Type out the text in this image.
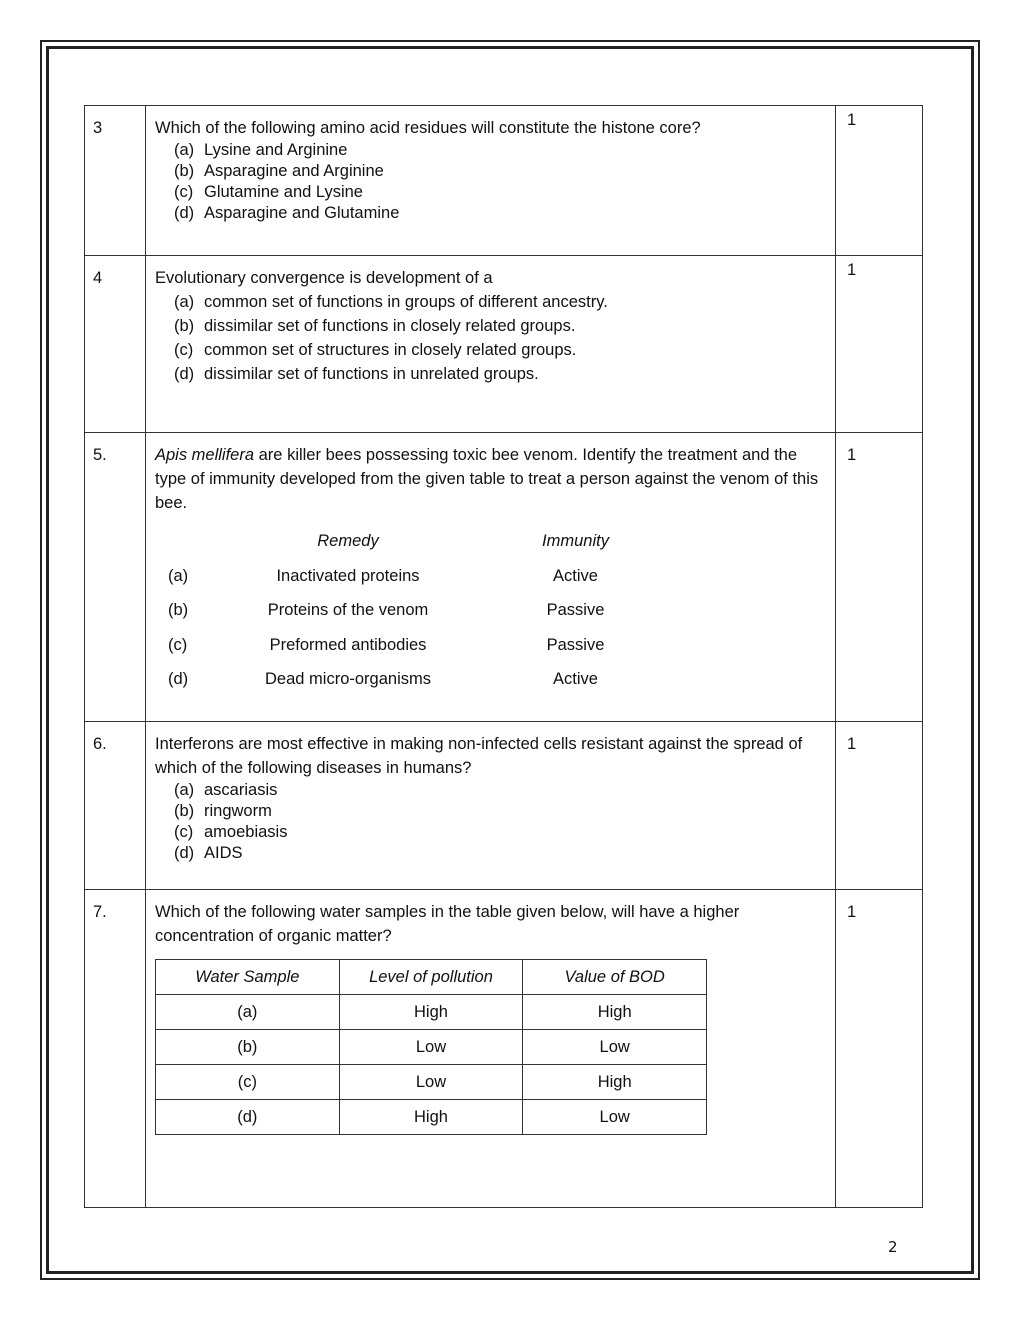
3	Which of the following amino acid residues will constitute the histone core?
(a) Lysine and Arginine
(b) Asparagine and Arginine
(c) Glutamine and Lysine
(d) Asparagine and Glutamine
	1
4	Evolutionary convergence is development of a
(a) common set of functions in groups of different ancestry.
(b) dissimilar set of functions in closely related groups.
(c) common set of structures in closely related groups.
(d) dissimilar set of functions in unrelated groups.
	1
5.	Apis mellifera are killer bees possessing toxic bee venom. Identify the treatment and the type of immunity developed from the given table to treat a person against the venom of this bee.
Remedy	Immunity
(a)	Inactivated proteins	Active
(b)	Proteins of the venom	Passive
(c)	Preformed antibodies	Passive
(d)	Dead micro-organisms	Active
	1
6.	Interferons are most effective in making non-infected cells resistant against the spread of which of the following diseases in humans?
(a) ascariasis
(b) ringworm
(c) amoebiasis
(d) AIDS
	1
7.	Which of the following water samples in the table given below, will have a higher concentration of organic matter?
Water Sample	Level of pollution	Value of BOD
(a)	High	High
(b)	Low	Low
(c)	Low	High
(d)	High	Low
	1
2
